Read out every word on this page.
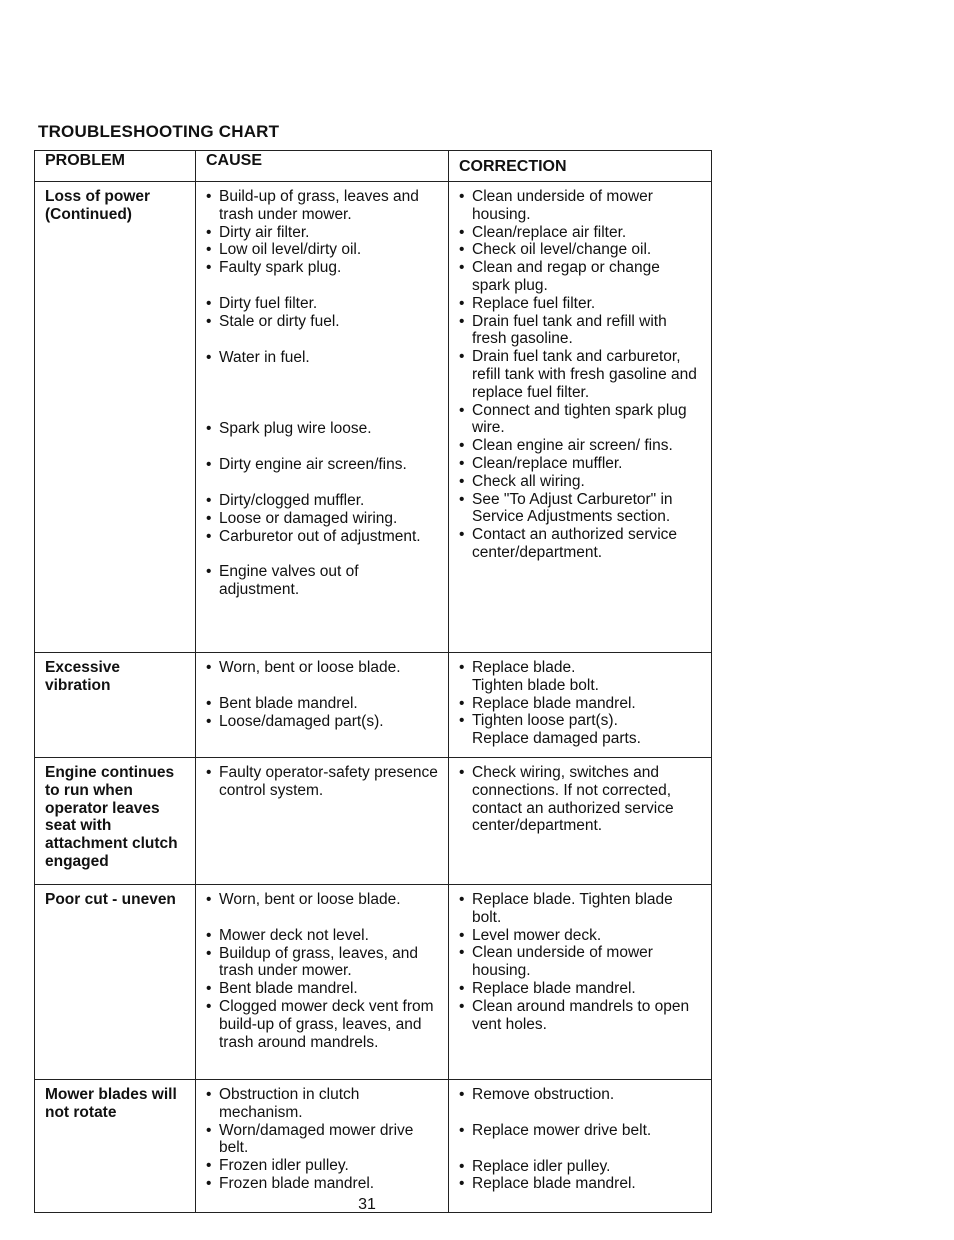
TROUBLESHOOTING CHART
PROBLEM	CAUSE	CORRECTION
Loss of power (Continued)
• Build-up of grass, leaves and trash under mower.
• Dirty air filter.
• Low oil level/dirty oil.
• Faulty spark plug.
• Dirty fuel filter.
• Stale or dirty fuel.
• Water in fuel.
• Spark plug wire loose.
• Dirty engine air screen/fins.
• Dirty/clogged muffler.
• Loose or damaged wiring.
• Carburetor out of adjustment.
• Engine valves out of adjustment.
• Clean underside of mower housing.
• Clean/replace air filter.
• Check oil level/change oil.
• Clean and regap or change spark plug.
• Replace fuel filter.
• Drain fuel tank and refill with fresh gasoline.
• Drain fuel tank and carburetor, refill tank with fresh gasoline and replace fuel filter.
• Connect and tighten spark plug wire.
• Clean engine air screen/ fins.
• Clean/replace muffler.
• Check all wiring.
• See "To Adjust Carburetor" in Service Adjustments section.
• Contact an authorized service center/department.
Excessive vibration
• Worn, bent or loose blade.
• Bent blade mandrel.
• Loose/damaged part(s).
• Replace blade.
Tighten blade bolt.
• Replace blade mandrel.
• Tighten loose part(s).
Replace damaged parts.
Engine continues to run when operator leaves seat with attachment clutch engaged
• Faulty operator-safety presence control system.
• Check wiring, switches and connections. If not corrected, contact an authorized service center/department.
Poor cut - uneven
•	Worn, bent or loose blade.
• Mower deck not level.
• Buildup of grass, leaves, and trash under mower.
• Bent blade mandrel.
• Clogged mower deck vent from build-up of grass, leaves, and trash around mandrels.
• Replace blade. Tighten blade bolt.
• Level mower deck.
• Clean underside of mower housing.
• Replace blade mandrel.
• Clean around mandrels to open vent holes.
Mower blades will not rotate
• Obstruction in clutch mechanism.
• Worn/damaged mower drive belt.
• Frozen idler pulley.
• Frozen blade mandrel.
• Remove obstruction.
• Replace mower drive belt.
• Replace idler pulley.
• Replace blade mandrel.
31
